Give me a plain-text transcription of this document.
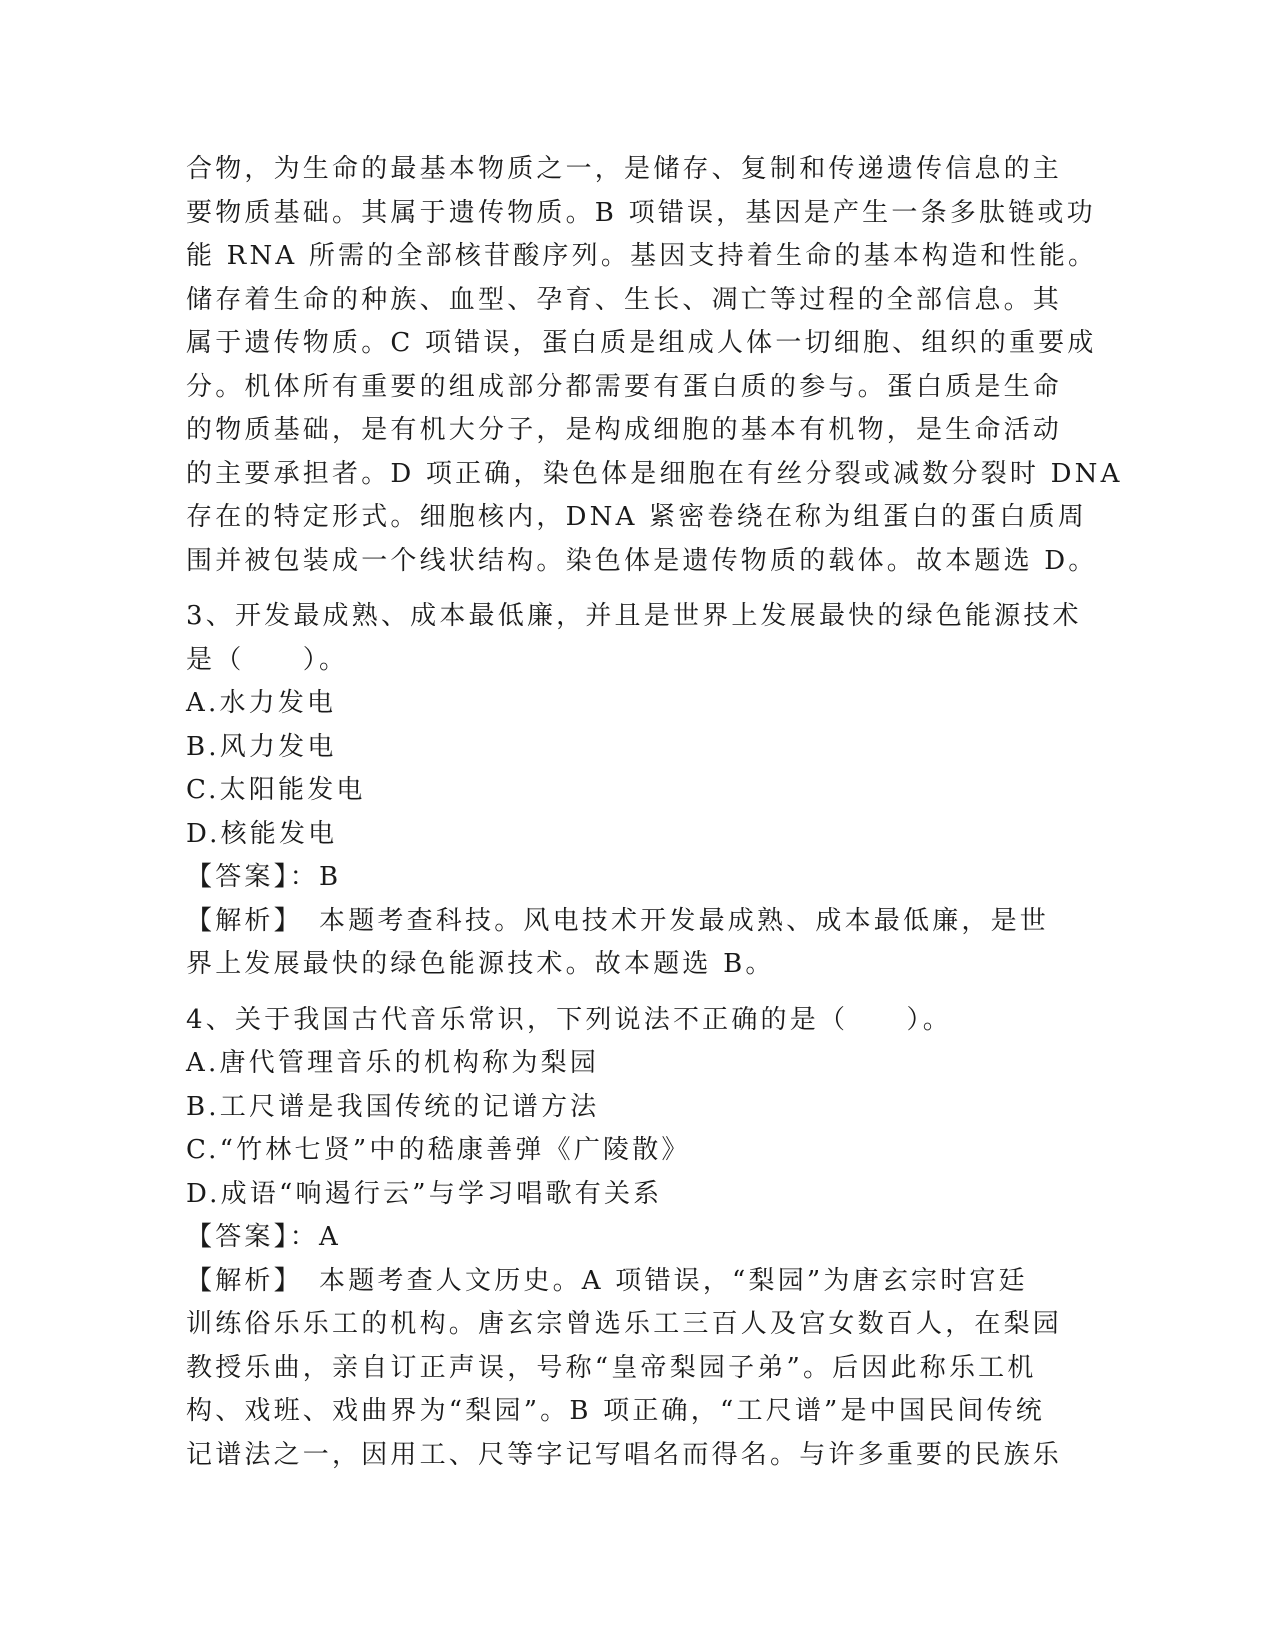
合物，为生命的最基本物质之一，是储存、复制和传递遗传信息的主
要物质基础。其属于遗传物质。B 项错误，基因是产生一条多肽链或功
能 RNA 所需的全部核苷酸序列。基因支持着生命的基本构造和性能。
储存着生命的种族、血型、孕育、生长、凋亡等过程的全部信息。其
属于遗传物质。C 项错误，蛋白质是组成人体一切细胞、组织的重要成
分。机体所有重要的组成部分都需要有蛋白质的参与。蛋白质是生命
的物质基础，是有机大分子，是构成细胞的基本有机物，是生命活动
的主要承担者。D 项正确，染色体是细胞在有丝分裂或减数分裂时 DNA
存在的特定形式。细胞核内，DNA 紧密卷绕在称为组蛋白的蛋白质周
围并被包装成一个线状结构。染色体是遗传物质的载体。故本题选 D。
3、开发最成熟、成本最低廉，并且是世界上发展最快的绿色能源技术
是（　　）。
A.水力发电
B.风力发电
C.太阳能发电
D.核能发电
【答案】：B
【解析】　本题考查科技。风电技术开发最成熟、成本最低廉，是世
界上发展最快的绿色能源技术。故本题选 B。
4、关于我国古代音乐常识，下列说法不正确的是（　　）。
A.唐代管理音乐的机构称为梨园
B.工尺谱是我国传统的记谱方法
C.“竹林七贤”中的嵇康善弹《广陵散》
D.成语“响遏行云”与学习唱歌有关系
【答案】：A
【解析】　本题考查人文历史。A 项错误，“梨园”为唐玄宗时宫廷
训练俗乐乐工的机构。唐玄宗曾选乐工三百人及宫女数百人，在梨园
教授乐曲，亲自订正声误，号称“皇帝梨园子弟”。后因此称乐工机
构、戏班、戏曲界为“梨园”。B 项正确，“工尺谱”是中国民间传统
记谱法之一，因用工、尺等字记写唱名而得名。与许多重要的民族乐
